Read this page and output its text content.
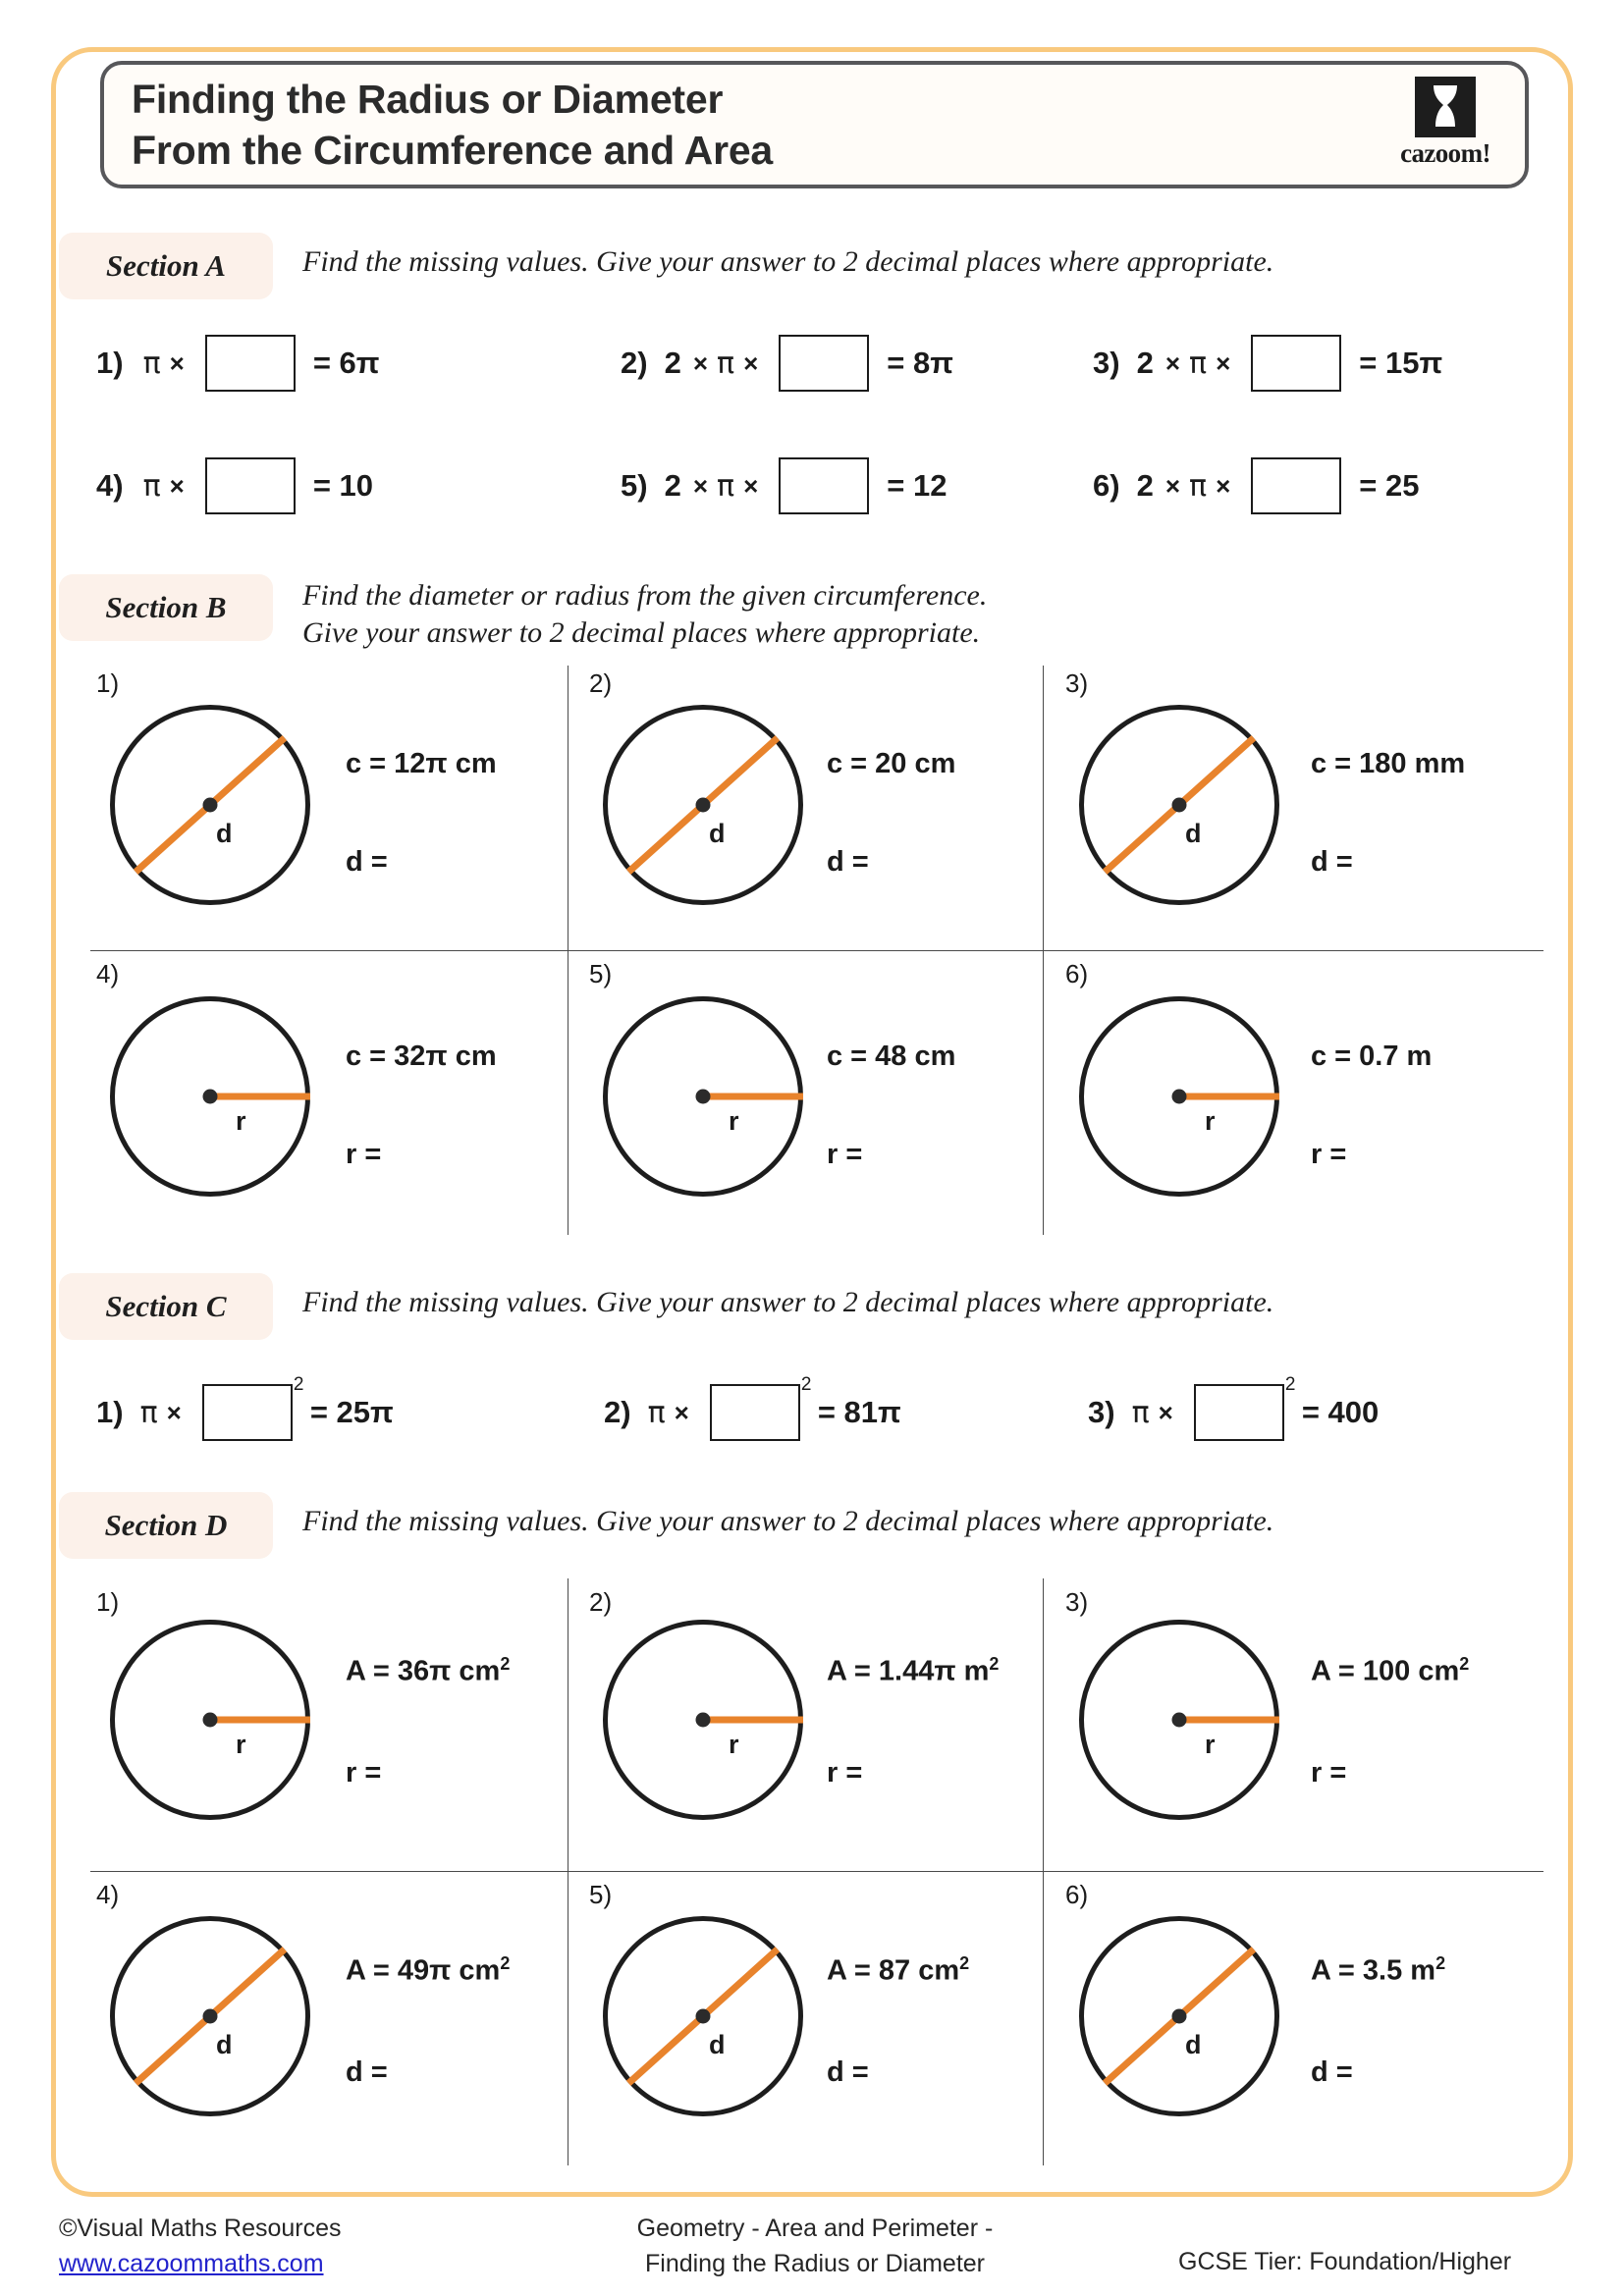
Finding the Radius or Diameter
From the Circumference and Area	cazoom!
Section A	Find the missing values. Give your answer to 2 decimal places where appropriate.
1) π ×	= 6π	2) 2 × π ×	= 8π	3) 2 × π ×	= 15π
4) π ×	= 10	5) 2 × π ×	= 12	6) 2 × π ×	= 25
Section B	Find the diameter or radius from the given circumference.
Give your answer to 2 decimal places where appropriate.
1)
d
c = 12π cm
d =
2)
d
c = 20 cm
d =
3)
d
c = 180 mm
d =
4)
r
c = 32π cm
r =
5)
r
c = 48 cm
r =
6)
r
c = 0.7 m
r =
Section C	Find the missing values. Give your answer to 2 decimal places where appropriate.
1) π × 2	= 25π	2) π × 2	= 81π	3) π × 2	= 400
Section D	Find the missing values. Give your answer to 2 decimal places where appropriate.
1)
r
A = 36π $cm^2$
r =
2)
r
A = 1.44π $m^2$
r =
3)
r
A = 100 $cm^2$
r =
4)
d
A = 49π $cm^2$
d =
5)
d
A = 87 $cm^2$
d =
6)
d
A = 3.5 $m^2$
d =
©Visual Maths Resources
www.cazoommaths.com
Geometry - Area and Perimeter -
Finding the Radius or Diameter	GCSE Tier: Foundation/Higher
